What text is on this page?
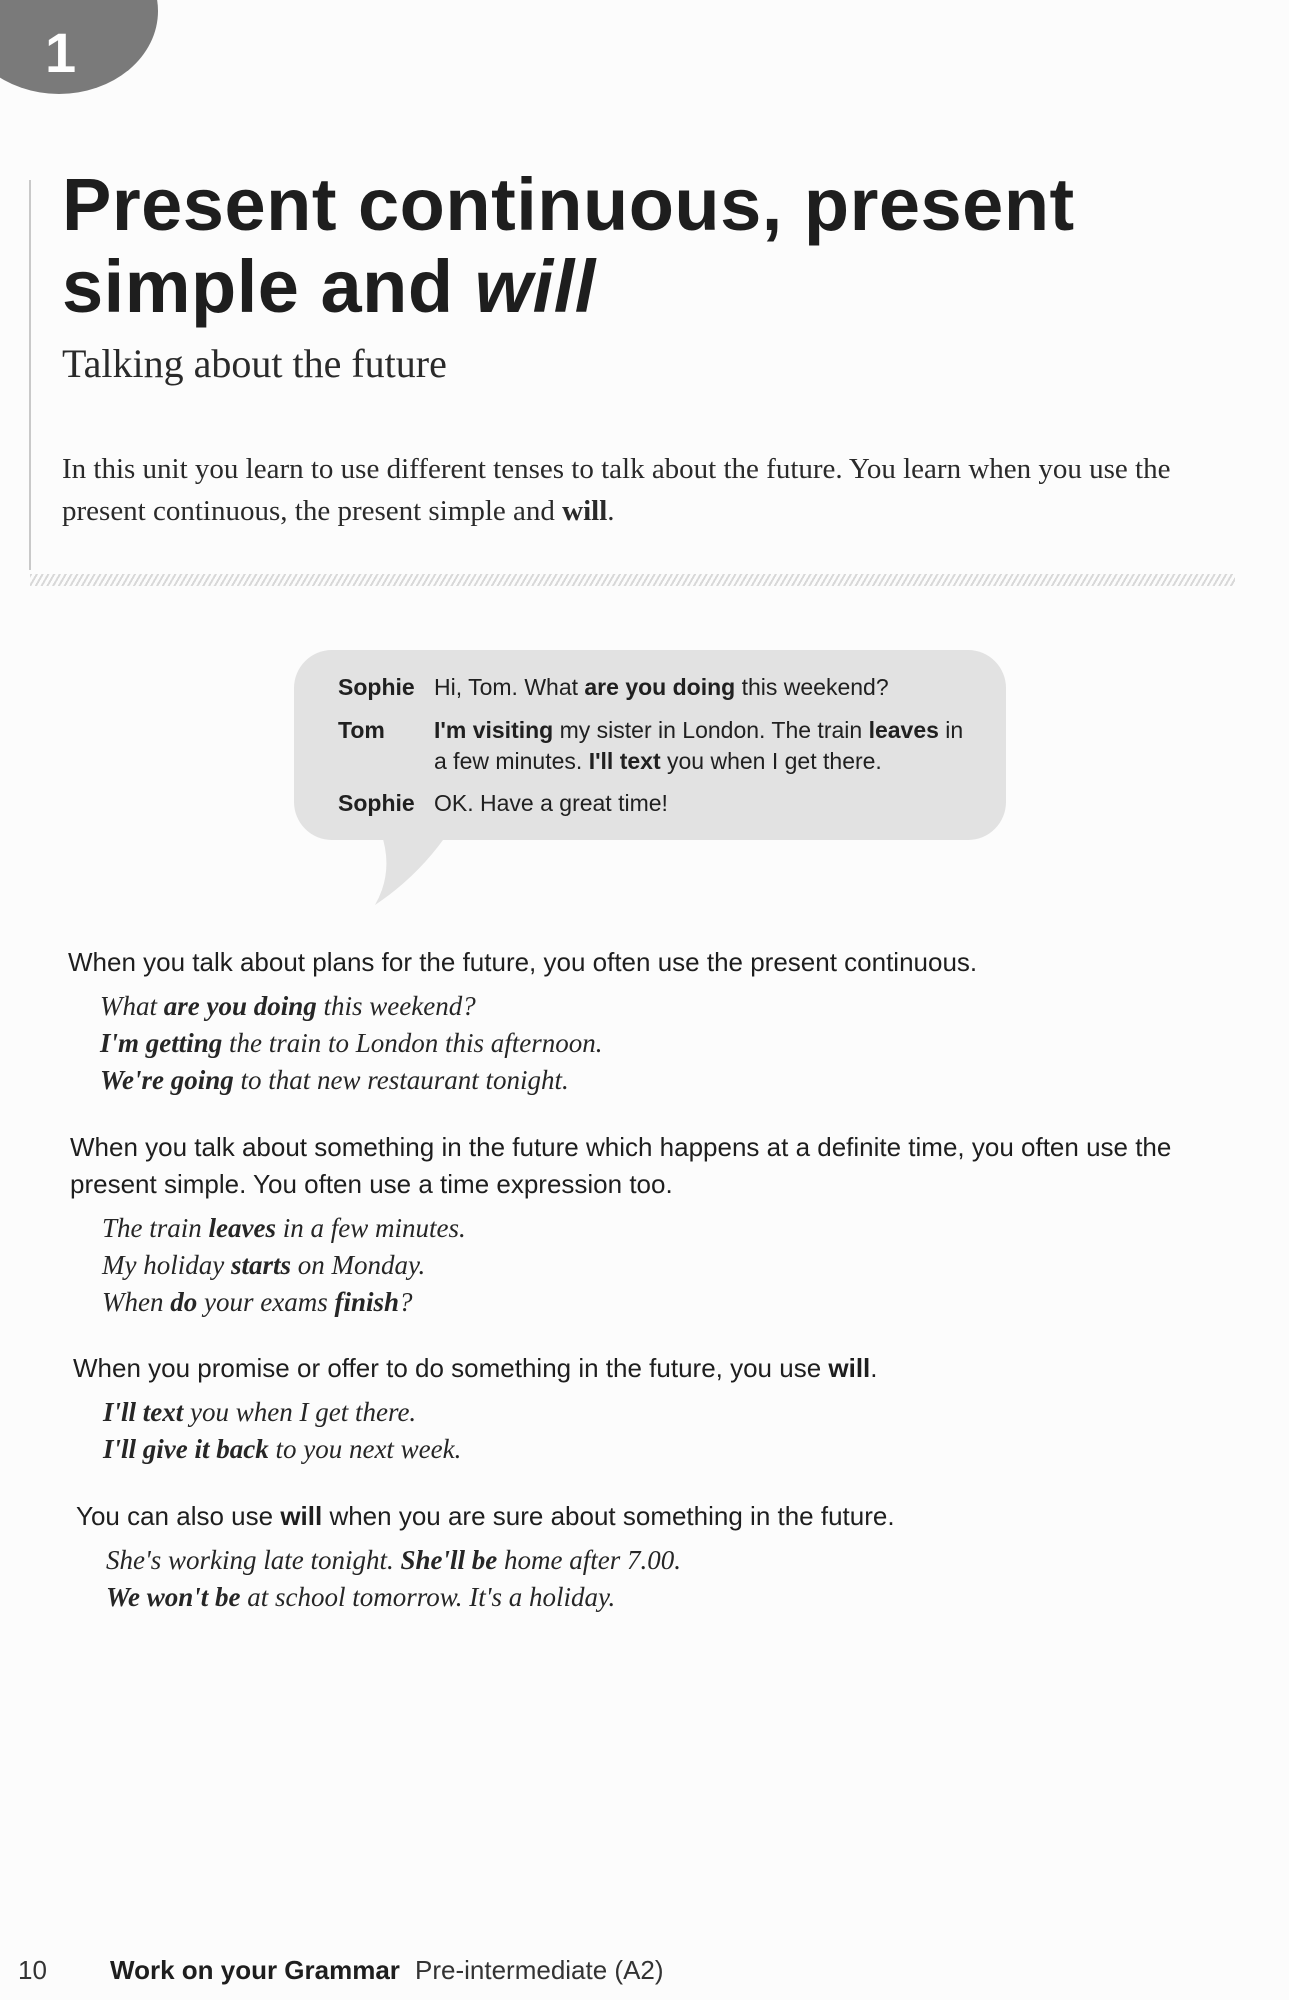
1
Present continuous, present
simple and will
Talking about the future

In this unit you learn to use different tenses to talk about the future. You learn when you use the present continuous, the present simple and will.

Sophie Hi, Tom. What are you doing this weekend?
Tom	I'm visiting my sister in London. The train leaves in a few minutes. I'll text you when I get there.
Sophie OK. Have a great time!
When you talk about plans for the future, you often use the present continuous.
What are you doing this weekend?
I'm getting the train to London this afternoon.
We're going to that new restaurant tonight.
When you talk about something in the future which happens at a definite time, you often use the present simple. You often use a time expression too.
The train leaves in a few minutes.
My holiday starts on Monday.
When do your exams finish?
When you promise or offer to do something in the future, you use will.
I'll text you when I get there.
I'll give it back to you next week.
You can also use will when you are sure about something in the future.
She's working late tonight. She'll be home after 7.00.
We won't be at school tomorrow. It's a holiday.
10 Work on your Grammar Pre-intermediate (A2)
